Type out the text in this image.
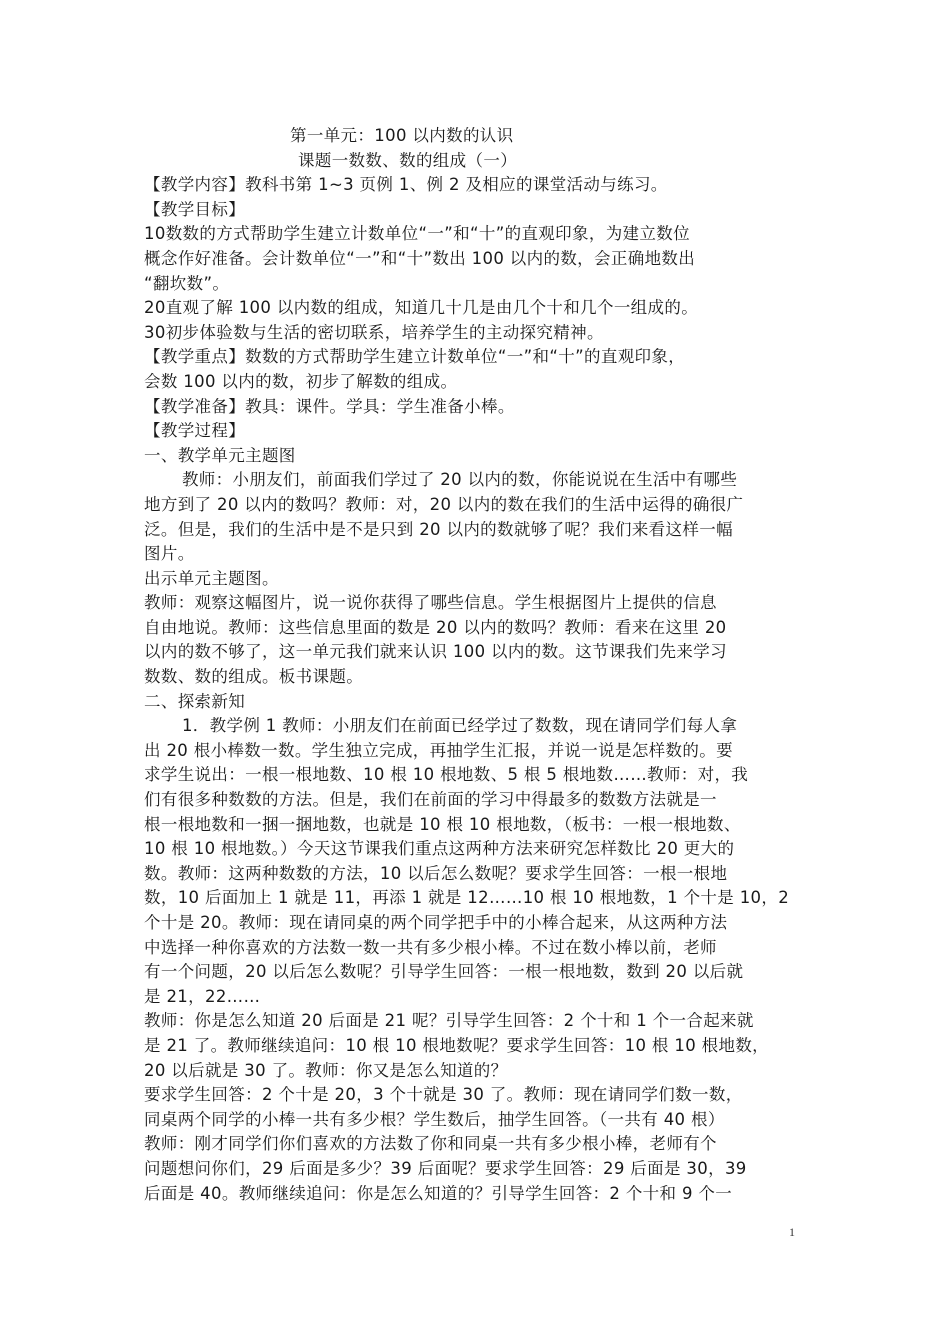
第一单元：100 以内数的认识
课题一数数、数的组成（一）
【教学内容】教科书第 1~3 页例 1、例 2 及相应的课堂活动与练习。
【教学目标】
10数数的方式帮助学生建立计数单位“一”和“十”的直观印象，为建立数位
概念作好准备。会计数单位“一”和“十”数出 100 以内的数，会正确地数出
“翻坎数”。
20直观了解 100 以内数的组成，知道几十几是由几个十和几个一组成的。
30初步体验数与生活的密切联系，培养学生的主动探究精神。
【教学重点】数数的方式帮助学生建立计数单位“一”和“十”的直观印象，
会数 100 以内的数，初步了解数的组成。
【教学准备】教具：课件。学具：学生准备小棒。
【教学过程】
一、教学单元主题图
教师：小朋友们，前面我们学过了 20 以内的数，你能说说在生活中有哪些
地方到了 20 以内的数吗？教师：对，20 以内的数在我们的生活中运得的确很广
泛。但是，我们的生活中是不是只到 20 以内的数就够了呢？我们来看这样一幅
图片。
出示单元主题图。
教师：观察这幅图片，说一说你获得了哪些信息。学生根据图片上提供的信息
自由地说。教师：这些信息里面的数是 20 以内的数吗？教师：看来在这里 20
以内的数不够了，这一单元我们就来认识 100 以内的数。这节课我们先来学习
数数、数的组成。板书课题。
二、探索新知
1．教学例 1 教师：小朋友们在前面已经学过了数数，现在请同学们每人拿
出 20 根小棒数一数。学生独立完成，再抽学生汇报，并说一说是怎样数的。要
求学生说出：一根一根地数、10 根 10 根地数、5 根 5 根地数……教师：对，我
们有很多种数数的方法。但是，我们在前面的学习中得最多的数数方法就是一
根一根地数和一捆一捆地数，也就是 10 根 10 根地数，（板书：一根一根地数、
10 根 10 根地数。）今天这节课我们重点这两种方法来研究怎样数比 20 更大的
数。教师：这两种数数的方法，10 以后怎么数呢？要求学生回答：一根一根地
数，10 后面加上 1 就是 11，再添 1 就是 12……10 根 10 根地数，1 个十是 10，2
个十是 20。教师：现在请同桌的两个同学把手中的小棒合起来，从这两种方法
中选择一种你喜欢的方法数一数一共有多少根小棒。不过在数小棒以前，老师
有一个问题，20 以后怎么数呢？引导学生回答：一根一根地数，数到 20 以后就
是 21，22……
教师：你是怎么知道 20 后面是 21 呢？引导学生回答：2 个十和 1 个一合起来就
是 21 了。教师继续追问：10 根 10 根地数呢？要求学生回答：10 根 10 根地数，
20 以后就是 30 了。教师：你又是怎么知道的？
要求学生回答：2 个十是 20，3 个十就是 30 了。教师：现在请同学们数一数，
同桌两个同学的小棒一共有多少根？学生数后，抽学生回答。（一共有 40 根）
教师：刚才同学们你们喜欢的方法数了你和同桌一共有多少根小棒，老师有个
问题想问你们，29 后面是多少？39 后面呢？要求学生回答：29 后面是 30，39
后面是 40。教师继续追问：你是怎么知道的？引导学生回答：2 个十和 9 个一
1
